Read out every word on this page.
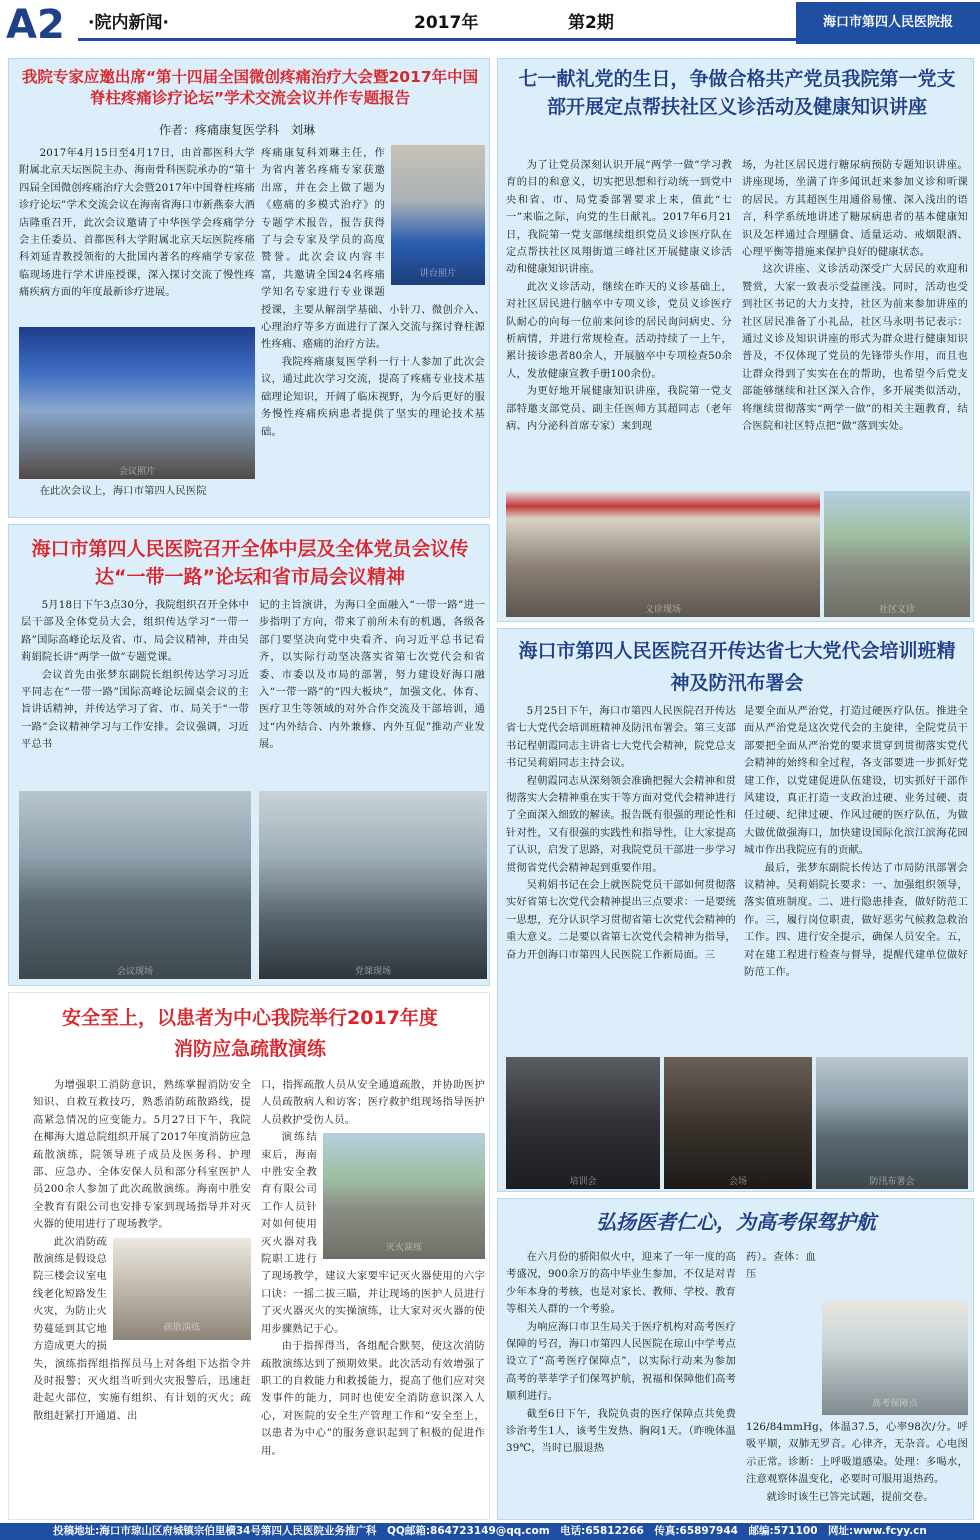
A2 ·院内新闻·	2017年	第2期	海口市第四人民医院报
我院专家应邀出席“第十四届全国微创疼痛治疗大会暨2017年中国脊柱疼痛诊疗论坛”学术交流会议并作专题报告
作者：疼痛康复医学科　刘琳

2017年4月15日至4月17日，由首都医科大学附属北京天坛医院主办、海南骨科医院承办的“第十四届全国微创疼痛治疗大会暨2017年中国脊柱疼痛诊疗论坛”学术交流会议在海南省海口市新燕泰大酒店隆重召开，此次会议邀请了中华医学会疼痛学分会主任委员、首都医科大学附属北京天坛医院疼痛科刘延青教授领衔的大批国内著名的疼痛学专家莅临现场进行学术讲座授课，深入探讨交流了慢性疼痛疾病方面的年度最新诊疗进展。

会议照片

在此次会议上，海口市第四人民医院

讲台照片

疼痛康复科刘琳主任，作为省内著名疼痛专家获邀出席，并在会上做了题为《癌痛的多模式治疗》的专题学术报告，报告获得了与会专家及学员的高度赞誉。此次会议内容丰富，共邀请全国24名疼痛学知名专家进行专业课题授课，主要从解剖学基础、小针刀、微创介入、心理治疗等多方面进行了深入交流与探讨脊柱源性疼痛、癌痛的治疗方法。

我院疼痛康复医学科一行十人参加了此次会议，通过此次学习交流，提高了疼痛专业技术基础理论知识，开阔了临床视野，为今后更好的服务慢性疼痛疾病患者提供了坚实的理论技术基础。

七一献礼党的生日，争做合格共产党员我院第一党支部开展定点帮扶社区义诊活动及健康知识讲座

为了让党员深刻认识开展“两学一做”学习教育的目的和意义，切实把思想和行动统一到党中央和省、市、局党委部署要求上来，值此“七一”来临之际，向党的生日献礼。2017年6月21日，我院第一党支部继续组织党员义诊医疗队在定点帮扶社区凤翔街道三峰社区开展健康义诊活动和健康知识讲座。

此次义诊活动，继续在昨天的义诊基础上，对社区居民进行脑卒中专项义诊，党员义诊医疗队耐心的向每一位前来问诊的居民询问病史、分析病情，并进行常规检查。活动持续了一上午，累计接诊患者80余人，开展脑卒中专项检查50余人，发放健康宣教手册100余份。

为更好地开展健康知识讲座，我院第一党支部特邀支部党员、副主任医师方其超同志（老年病、内分泌科首席专家）来到现

场，为社区居民进行糖尿病预防专题知识讲座。讲座现场，坐满了许多闻讯赶来参加义诊和听课的居民。方其超医生用通俗易懂、深入浅出的语言，科学系统地讲述了糖尿病患者的基本健康知识及怎样通过合理膳食、适量运动、戒烟限酒、心理平衡等措施来保护良好的健康状态。

这次讲座、义诊活动深受广大居民的欢迎和赞赏，大家一致表示受益匪浅。同时，活动也受到社区书记的大力支持，社区为前来参加讲座的社区居民准备了小礼品，社区马永明书记表示：通过义诊及知识讲座的形式为群众进行健康知识普及，不仅体现了党员的先锋带头作用，而且也让群众得到了实实在在的帮助，也希望今后党支部能够继续和社区深入合作，多开展类似活动，将继续贯彻落实“两学一做”的相关主题教育，结合医院和社区特点把“做”落到实处。

义诊现场	社区义诊
海口市第四人民医院召开全体中层及全体党员会议传达“一带一路”论坛和省市局会议精神

5月18日下午3点30分，我院组织召开全体中层干部及全体党员大会，组织传达学习“一带一路”国际高峰论坛及省、市、局会议精神，并由吴莉娟院长讲“两学一做”专题党课。

会议首先由张梦东副院长组织传达学习习近平同志在“一带一路”国际高峰论坛圆桌会议的主旨讲话精神，并传达学习了省、市、局关于“一带一路”会议精神学习与工作安排。会议强调，习近平总书

记的主旨演讲，为海口全面融入“一带一路”进一步指明了方向，带来了前所未有的机遇，各级各部门要坚决向党中央看齐、向习近平总书记看齐，以实际行动坚决落实省第七次党代会和省委、市委以及市局的部署，努力建设好海口融入“一带一路”的“四大板块”，加强文化、体育、医疗卫生等领域的对外合作交流及干部培训，通过“内外结合、内外兼修、内外互促”推动产业发展。

会议现场	党课现场
海口市第四人民医院召开传达省七大党代会培训班精神及防汛布署会

5月25日下午，海口市第四人民医院召开传达省七大党代会培训班精神及防汛布署会。第三支部书记程朝霞同志主讲省七大党代会精神，院党总支书记吴莉娟同志主持会议。

程朝霞同志从深刻领会准确把握大会精神和贯彻落实大会精神重在实干等方面对党代会精神进行了全面深入细致的解读。报告既有很强的理论性和针对性，又有很强的实践性和指导性，让大家提高了认识，启发了思路，对我院党员干部进一步学习贯彻省党代会精神起到重要作用。

吴莉娟书记在会上就医院党员干部如何贯彻落实好省第七次党代会精神提出三点要求：一是要统一思想，充分认识学习贯彻省第七次党代会精神的重大意义。二是要以省第七次党代会精神为指导，奋力开创海口市第四人民医院工作新局面。三

是要全面从严治党，打造过硬医疗队伍。推进全面从严治党是这次党代会的主旋律，全院党员干部要把全面从严治党的要求贯穿到贯彻落实党代会精神的始终和全过程，各支部要进一步抓好党建工作，以党建促进队伍建设，切实抓好干部作风建设，真正打造一支政治过硬、业务过硬、责任过硬、纪律过硬、作风过硬的医疗队伍，为做大做优做强海口，加快建设国际化滨江滨海花园城市作出我院应有的贡献。

最后，张梦东副院长传达了市局防汛部署会议精神。吴莉娟院长要求：一、加强组织领导，落实值班制度。二、进行隐患排查，做好防范工作。三，履行岗位职责，做好恶劣气候救急救治工作。四、进行安全提示，确保人员安全。五，对在建工程进行检查与督导，提醒代建单位做好防范工作。

培训会	会场	防汛布署会
安全至上，以患者为中心我院举行2017年度消防应急疏散演练

为增强职工消防意识，熟练掌握消防安全知识、自救互救技巧，熟悉消防疏散路线，提高紧急情况的应变能力。5月27日下午，我院在椰海大道总院组织开展了2017年度消防应急疏散演练，院领导班子成员及医务科、护理部、应急办、全体安保人员和部分科室医护人员200余人参加了此次疏散演练。海南中胜安全教育有限公司也安排专家到现场指导并对灭火器的使用进行了现场教学。

疏散演练

此次消防疏散演练是假设总院三楼会议室电线老化短路发生火灾，为防止火势蔓延到其它地方造成更大的损失，演练指挥组指挥员马上对各组下达指令并及时报警；灭火组当听到火灾报警后，迅速赶赴起火部位，实施有组织、有计划的灭火；疏散组赶紧打开通道、出

口，指挥疏散人员从安全通道疏散，并协助医护人员疏散病人和访客；医疗救护组现场指导医护人员救护受伤人员。

灭火演练

演练结束后，海南中胜安全教育有限公司工作人员针对如何使用灭火器对我院职工进行了现场教学，建议大家要牢记灭火器使用的六字口诀：一摇二拔三瞄，并让现场的医护人员进行了灭火器灭火的实操演练，让大家对灭火器的使用步骤熟记于心。

由于指挥得当，各组配合默契，使这次消防疏散演练达到了预期效果。此次活动有效增强了职工的自救能力和救援能力，提高了他们应对突发事件的能力，同时也使安全消防意识深入人心，对医院的安全生产管理工作和“安全至上，以患者为中心”的服务意识起到了积极的促进作用。

弘扬医者仁心，为高考保驾护航

在六月份的骄阳似火中，迎来了一年一度的高考盛况，900余万的高中毕业生参加，不仅是对青少年本身的考核，也是对家长、教师、学校、教育等相关人群的一个考验。

为响应海口市卫生局关于医疗机构对高考医疗保障的号召，海口市第四人民医院在琼山中学考点设立了“高考医疗保障点”，以实际行动来为参加高考的莘莘学子们保驾护航，祝福和保障他们高考顺利进行。

截至6日下午，我院负责的医疗保障点共免费诊治考生1人，该考生发热、胸闷1天。（昨晚体温39℃，当时已服退热

高考保障点

药）。查体：血压126/84mmHg，体温37.5，心率98次/分。呼吸平顺，双肺无罗音。心律齐，无杂音。心电图示正常。诊断：上呼吸道感染。处理：多喝水，注意观察体温变化，必要时可服用退热药。

就诊时该生已答完试题，提前交卷。

投稿地址:海口市琼山区府城镇宗伯里横34号第四人民医院业务推广科　QQ邮箱:864723149@qq.com　电话:65812266　传真:65897944　邮编:571100　网址:www.fcyy.cn
